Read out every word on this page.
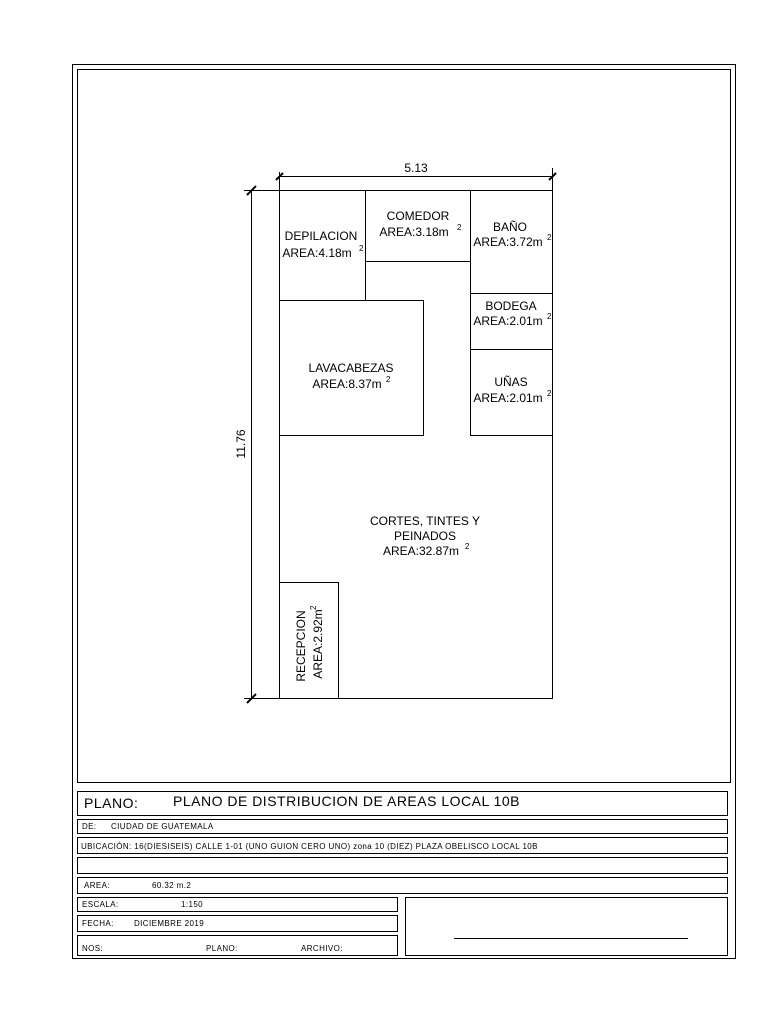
5.13
11.76
DEPILACION
AREA:4.18m 2
COMEDOR
AREA:3.18m 2	BAÑO
AREA:3.72m 2
BODEGA
AREA:2.01m 2
UÑAS
AREA:2.01m 2
LAVACABEZAS
AREA:8.37m 2
CORTES, TINTES Y
PEINADOS
AREA:32.87m 2
RECEPCION AREA:2.92m
2
PLANO: PLANO DE DISTRIBUCION DE AREAS LOCAL 10B
DE: CIUDAD DE GUATEMALA
UBICACIÓN: 16(DIESISEIS) CALLE 1-01 (UNO GUION CERO UNO) zona 10 (DIEZ) PLAZA OBELISCO LOCAL 10B
AREA:	60.32 m.2
ESCALA:	1:150
FECHA:	DICIEMBRE 2019
NOS:	PLANO:	ARCHIVO:
